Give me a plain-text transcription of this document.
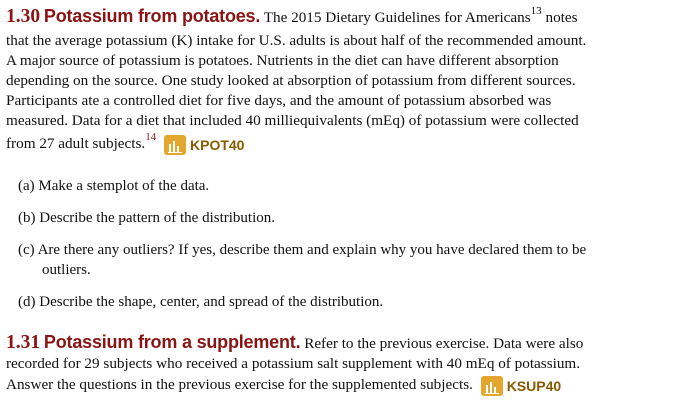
1.30 Potassium from potatoes. The 2015 Dietary Guidelines for Americans$^{13}$ notes
that the average potassium (K) intake for U.S. adults is about half of the recommended amount.
A major source of potassium is potatoes. Nutrients in the diet can have different absorption
depending on the source. One study looked at absorption of potassium from different sources.
Participants ate a controlled diet for five days, and the amount of potassium absorbed was
measured. Data for a diet that included 40 milliequivalents (mEq) of potassium were collected
from 27 adult subjects.$^{14}$ KPOT40
(a) Make a stemplot of the data.
(b) Describe the pattern of the distribution.
(c) Are there any outliers? If yes, describe them and explain why you have declared them to be
outliers.
(d) Describe the shape, center, and spread of the distribution.
1.31 Potassium from a supplement. Refer to the previous exercise. Data were also
recorded for 29 subjects who received a potassium salt supplement with 40 mEq of potassium.
Answer the questions in the previous exercise for the supplemented subjects. KSUP40
